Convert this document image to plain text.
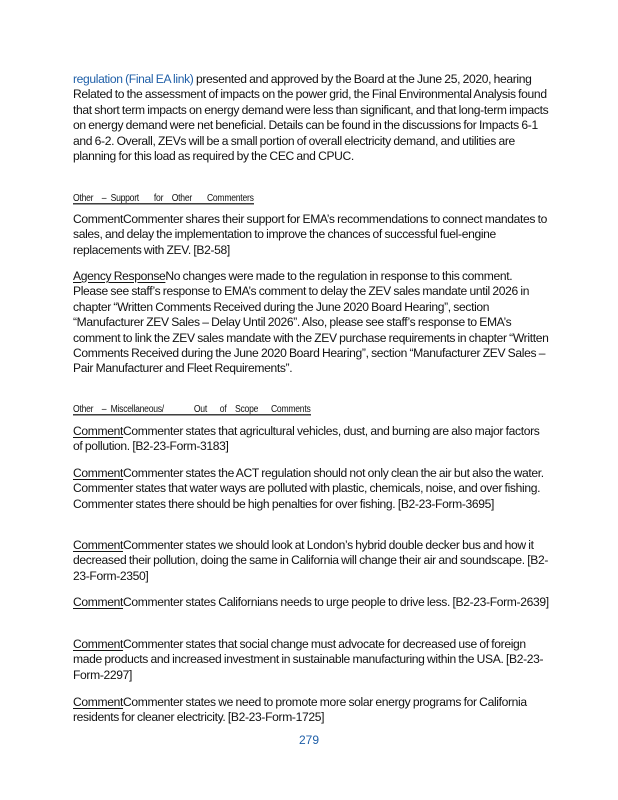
regulation (Final EA link) presented and approved by the Board at the June 25, 2020, hearing Related to the assessment of impacts on the power grid, the Final Environmental Analysis found that short term impacts on energy demand were less than significant, and that long-term impacts on energy demand were net beneficial. Details can be found in the discussions for Impacts 6-1 and 6-2. Overall, ZEVs will be a small portion of overall electricity demand, and utilities are planning for this load as required by the CEC and CPUC.
Other    –  Support       for    Other       Commenters
CommentCommenter shares their support for EMA’s recommendations to connect mandates to sales, and delay the implementation to improve the chances of successful fuel-engine replacements with ZEV. [B2-58]
Agency ResponseNo changes were made to the regulation in response to this comment. Please see staff’s response to EMA’s comment to delay the ZEV sales mandate until 2026 in chapter “Written Comments Received during the June 2020 Board Hearing”, section “Manufacturer ZEV Sales – Delay Until 2026”. Also, please see staff’s response to EMA’s comment to link the ZEV sales mandate with the ZEV purchase requirements in chapter “Written Comments Received during the June 2020 Board Hearing”, section “Manufacturer ZEV Sales – Pair Manufacturer and Fleet Requirements”.
Other    –  Miscellaneous/              Out      of    Scope      Comments
CommentCommenter states that agricultural vehicles, dust, and burning are also major factors of pollution. [B2-23-Form-3183]
CommentCommenter states the ACT regulation should not only clean the air but also the water. Commenter states that water ways are polluted with plastic, chemicals, noise, and over fishing. Commenter states there should be high penalties for over fishing. [B2-23-Form-3695]
CommentCommenter states we should look at London’s hybrid double decker bus and how it decreased their pollution, doing the same in California will change their air and soundscape. [B2-23-Form-2350]
CommentCommenter states Californians needs to urge people to drive less. [B2-23-Form-2639]
CommentCommenter states that social change must advocate for decreased use of foreign made products and increased investment in sustainable manufacturing within the USA. [B2-23-Form-2297]
CommentCommenter states we need to promote more solar energy programs for California residents for cleaner electricity. [B2-23-Form-1725]
279
